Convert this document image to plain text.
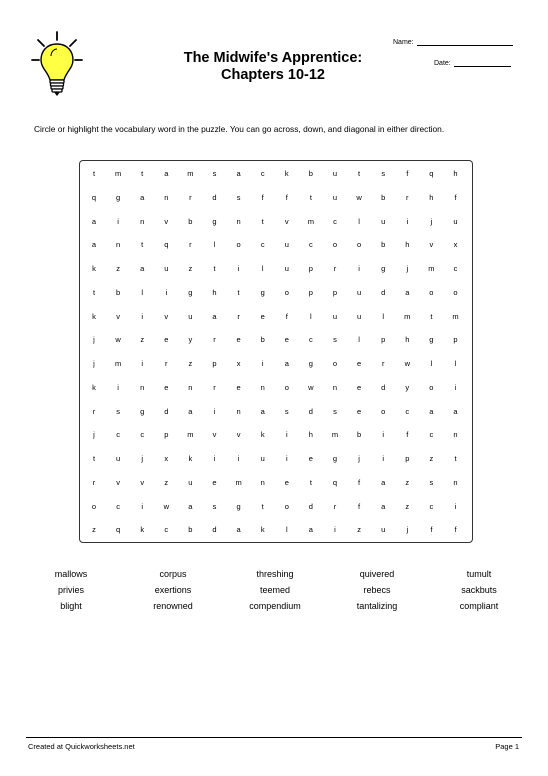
The Midwife's Apprentice:
Chapters 10-12
Name:
Date:
Circle or highlight the vocabulary word in the puzzle. You can go across, down, and diagonal in either direction.
t	m	t	a	m	s	a	c	k	b	u	t	s	f	q	h
q	g	a	n	r	d	s	f	f	t	u	w	b	r	h	f
a	i	n	v	b	g	n	t	v	m	c	l	u	i	j	u
a	n	t	q	r	l	o	c	u	c	o	o	b	h	v	x
k	z	a	u	z	t	i	l	u	p	r	i	g	j	m	c
t	b	l	i	g	h	t	g	o	p	p	u	d	a	o	o
k	v	i	v	u	a	r	e	f	l	u	u	l	m	t	m
j	w	z	e	y	r	e	b	e	c	s	l	p	h	g	p
j	m	i	r	z	p	x	i	a	g	o	e	r	w	l	l
k	i	n	e	n	r	e	n	o	w	n	e	d	y	o	i
r	s	g	d	a	i	n	a	s	d	s	e	o	c	a	a
j	c	c	p	m	v	v	k	i	h	m	b	i	f	c	n
t	u	j	x	k	i	i	u	i	e	g	j	i	p	z	t
r	v	v	z	u	e	m	n	e	t	q	f	a	z	s	n
o	c	i	w	a	s	g	t	o	d	r	f	a	z	c	i
z	q	k	c	b	d	a	k	l	a	i	z	u	j	f	f
mallows	corpus	threshing	quivered	tumult
privies	exertions	teemed	rebecs	sackbuts
blight	renowned	compendium	tantalizing	compliant
Created at Quickworksheets.net	Page 1
